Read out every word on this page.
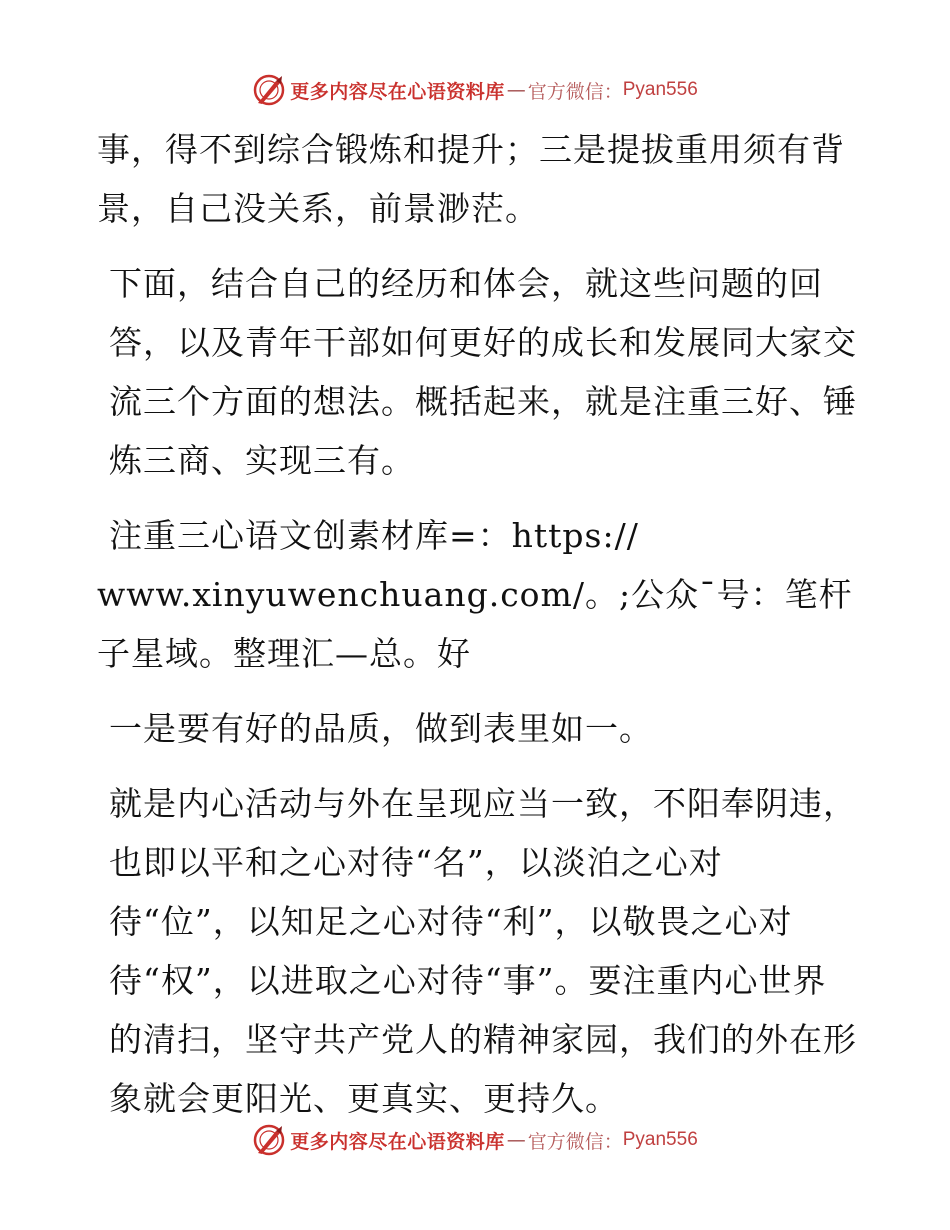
更多内容尽在心语资料库 — 官方微信： Pyan556

事，得不到综合锻炼和提升；三是提拔重用须有背景，自己没关系，前景渺茫。

下面，结合自己的经历和体会，就这些问题的回答，以及青年干部如何更好的成长和发展同大家交流三个方面的想法。概括起来，就是注重三好、锤炼三商、实现三有。

注重三心语文创素材库=：https://

www.xinyuwenchuang.com/。;公众¯号：笔杆子星域。整理汇—总。好

一是要有好的品质，做到表里如一。

就是内心活动与外在呈现应当一致，不阳奉阴违，也即以平和之心对待“名”，以淡泊之心对待“位”，以知足之心对待“利”，以敬畏之心对待“权”，以进取之心对待“事”。要注重内心世界的清扫，坚守共产党人的精神家园，我们的外在形象就会更阳光、更真实、更持久。

更多内容尽在心语资料库 — 官方微信： Pyan556
